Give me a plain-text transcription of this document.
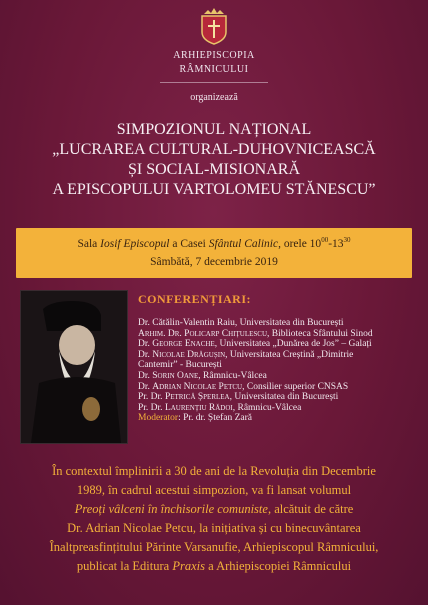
ARHIEPISCOPIA
RÂMNICULUI
organizează
SIMPOZIONUL NAȚIONAL
„LUCRAREA CULTURAL-DUHOVNICEASCĂ
ȘI SOCIAL-MISIONARĂ
A EPISCOPULUI VARTOLOMEU STĂNESCU”
Sala Iosif Episcopul a Casei Sfântul Calinic, orele $10^{00}-13^{30}$
Sâmbătă, 7 decembrie 2019
CONFERENȚIARI:
Dr. Cătălin-Valentin Raiu, Universitatea din București
Arhim. Dr. Policarp Chițulescu, Biblioteca Sfântului Sinod
Dr. George Enache, Universitatea „Dunărea de Jos” – Galați
Dr. Nicolae Drăgușin, Universitatea Creștină „Dimitrie
Cantemir” - București
Dr. Sorin Oane, Râmnicu-Vâlcea
Dr. Adrian Nicolae Petcu, Consilier superior CNSAS
Pr. Dr. Petrică Șperlea, Universitatea din București
Pr. Dr. Laurențiu Rădoi, Râmnicu-Vâlcea
Moderator: Pr. dr. Ștefan Zară
În contextul împlinirii a 30 de ani de la Revoluția din Decembrie
1989, în cadrul acestui simpozion, va fi lansat volumul
Preoți vâlceni în închisorile comuniste, alcătuit de către
Dr. Adrian Nicolae Petcu, la inițiativa și cu binecuvântarea
Înaltpreasfințitului Părinte Varsanufie, Arhiepiscopul Râmnicului,
publicat la Editura Praxis a Arhiepiscopiei Râmnicului
